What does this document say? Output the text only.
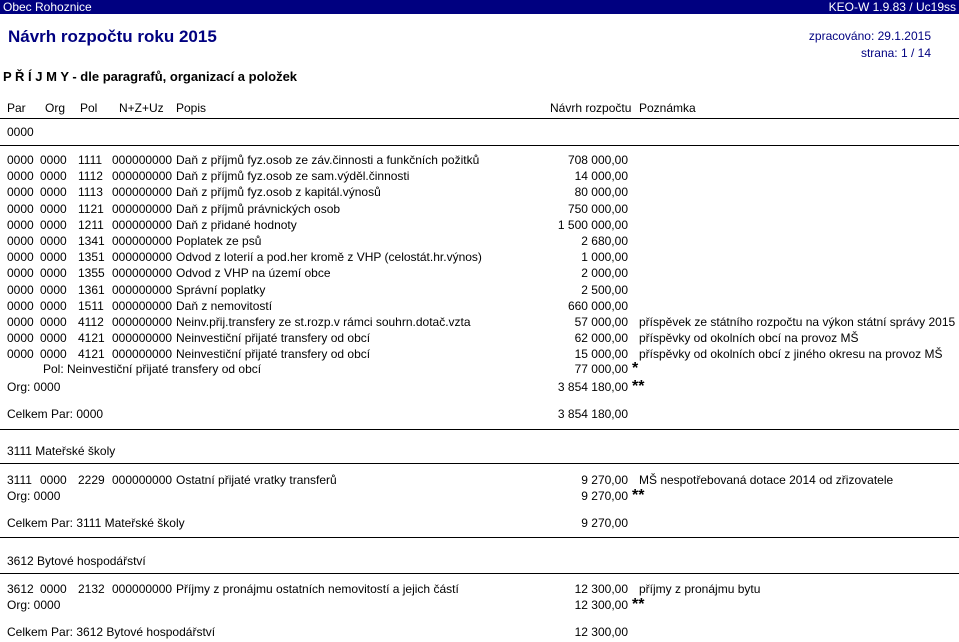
Obec Rohoznice	KEO-W 1.9.83 / Uc19ss
Návrh rozpočtu roku 2015	zpracováno: 29.1.2015
strana: 1 / 14
P Ř Í J M Y - dle paragrafů, organizací a položek
Par Org Pol N+Z+Uz Popis	Návrh rozpočtu Poznámka
0000
0000 0000 1111 000000000 Daň z příjmů fyz.osob ze záv.činnosti a funkčních požitků	708 000,00
0000 0000 1112 000000000 Daň z příjmů fyz.osob ze sam.výděl.činnosti	14 000,00
0000 0000 1113 000000000 Daň z příjmů fyz.osob z kapitál.výnosů	80 000,00
0000 0000 1121 000000000 Daň z příjmů právnických osob	750 000,00
0000 0000 1211 000000000 Daň z přidané hodnoty	1 500 000,00
0000 0000 1341 000000000 Poplatek ze psů	2 680,00
0000 0000 1351 000000000 Odvod z loterií a pod.her kromě z VHP (celostát.hr.výnos)	1 000,00
0000 0000 1355 000000000 Odvod z VHP na území obce	2 000,00
0000 0000 1361 000000000 Správní poplatky	2 500,00
0000 0000 1511 000000000 Daň z nemovitostí	660 000,00
0000 0000 4112 000000000 Neinv.přij.transfery ze st.rozp.v rámci souhrn.dotač.vzta	57 000,00 příspěvek ze státního rozpočtu na výkon státní správy 2015
0000 0000 4121 000000000 Neinvestiční přijaté transfery od obcí	62 000,00 příspěvky od okolních obcí na provoz MŠ
0000 0000 4121 000000000 Neinvestiční přijaté transfery od obcí	15 000,00 příspěvky od okolních obcí z jiného okresu na provoz MŠ
Pol: Neinvestiční přijaté transfery od obcí	77 000,00 *
Org: 0000	3 854 180,00 **
Celkem Par: 0000	3 854 180,00
3111 Mateřské školy
3111 0000 2229 000000000 Ostatní přijaté vratky transferů	9 270,00 MŠ nespotřebovaná dotace 2014 od zřizovatele
Org: 0000	9 270,00 **
Celkem Par: 3111 Mateřské školy	9 270,00
3612 Bytové hospodářství
3612 0000 2132 000000000 Příjmy z pronájmu ostatních nemovitostí a jejich částí	12 300,00 příjmy z pronájmu bytu
Org: 0000	12 300,00 **
Celkem Par: 3612 Bytové hospodářství	12 300,00
